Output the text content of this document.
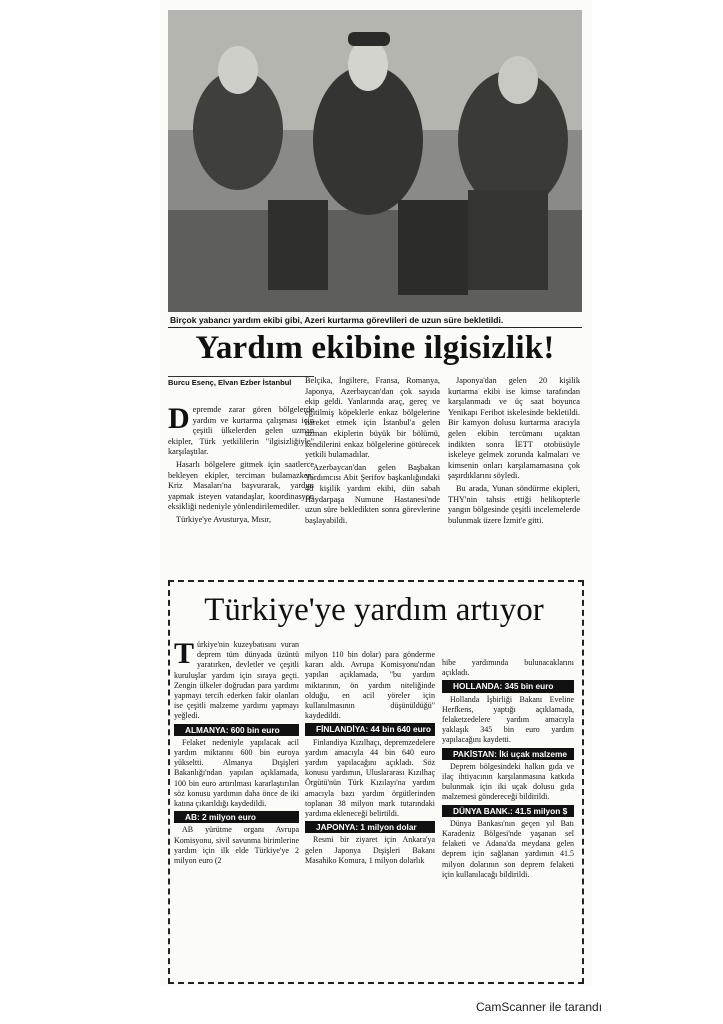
Birçok yabancı yardım ekibi gibi, Azeri kurtarma görevlileri de uzun süre bekletildi.
Yardım ekibine ilgisizlik!
Burcu Esenç, Elvan Ezber İstanbul

Depremde zarar gören bölgelerde yardım ve kurtarma çalışması için çeşitli ülkelerden gelen uzman ekipler, Türk yetkililerin "ilgisizliğiyle" karşılaştılar.

Hasarlı bölgelere gitmek için saatlerce bekleyen ekipler, terciman bulamazken; Kriz Masaları'na başvurarak, yardım yapmak isteyen vatandaşlar, koordinasyon eksikliği nedeniyle yönlendirilemediler.

Türkiye'ye Avusturya, Mısır,

Belçika, İngiltere, Fransa, Romanya, Japonya, Azerbaycan'dan çok sayıda ekip geldi. Yanlarında araç, gereç ve eğitilmiş köpeklerle enkaz bölgelerine hareket etmek için İstanbul'a gelen uzman ekiplerin büyük bir bölümü, kendilerini enkaz bölgelerine götürecek yetkili bulamadılar.

Azerbaycan'dan gelen Başbakan Yardımcısı Abit Şerifov başkanlığındaki 48 kişilik yardım ekibi, dün sabah Haydarpaşa Numune Hastanesi'nde uzun süre bekledikten sonra görevlerine başlayabildi.

Japonya'dan gelen 20 kişilik kurtarma ekibi ise kimse tarafından karşılanmadı ve üç saat boyunca Yenikapı Feribot iskelesinde bekletildi. Bir kamyon dolusu kurtarma aracıyla gelen ekibin tercümanı uçaktan indikten sonra İETT otobüsüyle iskeleye gelmek zorunda kalmaları ve kimsenin onları karşılamamasına çok şaşırdıklarını söyledi.

Bu arada, Yunan söndürme ekipleri, THY'nin tahsis ettiği helikopterle yangın bölgesinde çeşitli incelemelerde bulunmak üzere İzmit'e gitti.

Türkiye'ye yardım artıyor

Türkiye'nin kuzeybatısını vuran deprem tüm dünyada üzüntü yaratırken, devletler ve çeşitli kuruluşlar yardım için sıraya geçti. Zengin ülkeler doğrudan para yardımı yapmayı tercih ederken fakir olanları ise çeşitli malzeme yardımı yapmayı yeğledi.

ALMANYA: 600 bin euro

Felaket nedeniyle yapılacak acil yardım miktarını 600 bin euroya yükseltti. Almanya Dışişleri Bakanlığı'ndan yapılan açıklamada, 100 bin euro artırılması kararlaştırılan söz konusu yardımın daha önce de iki katına çıkarıldığı kaydedildi.

AB: 2 milyon euro

AB yürütme organı Avrupa Komisyonu, sivil savunma birimlerine yardım için ilk elde Türkiye'ye 2 milyon euro (2

milyon 110 bin dolar) para gönderme kararı aldı. Avrupa Komisyonu'ndan yapılan açıklamada, "bu yardım miktarının, ön yardım niteliğinde olduğu, en acil yöreler için kullanılmasının düşünüldüğü" kaydedildi.

FİNLANDİYA: 44 bin 640 euro

Finlandiya Kızılhaçı, depremzedelere yardım amacıyla 44 bin 640 euro yardım yapılacağını açıkladı. Söz konusu yardımın, Uluslararası Kızılhaç Örgütü'nün Türk Kızılayı'na yardım amacıyla bazı yardım örgütlerinden toplanan 38 milyon mark tutarındaki yardıma ekleneceği belirtildi.

JAPONYA: 1 milyon dolar

Resmi bir ziyaret için Ankara'ya gelen Japonya Dışişleri Bakanı Masahiko Komura, 1 milyon dolarlık

hibe yardımında bulunacaklarını açıkladı.

HOLLANDA: 345 bin euro

Hollanda İşbirliği Bakanı Eveline Herfkens, yaptığı açıklamada, felaketzedelere yardım amacıyla yaklaşık 345 bin euro yardım yapılacağını kaydetti.

PAKİSTAN: İki uçak malzeme

Deprem bölgesindeki halkın gıda ve ilaç ihtiyacının karşılanmasına katkıda bulunmak için iki uçak dolusu gıda malzemesi göndereceği bildirildi.

DÜNYA BANK.: 41.5 milyon $

Dünya Bankası'nın geçen yıl Batı Karadeniz Bölgesi'nde yaşanan sel felaketi ve Adana'da meydana gelen deprem için sağlanan yardımın 41.5 milyon dolarının son deprem felaketi için kullanılacağı bildirildi.

CamScanner ile tarandı
